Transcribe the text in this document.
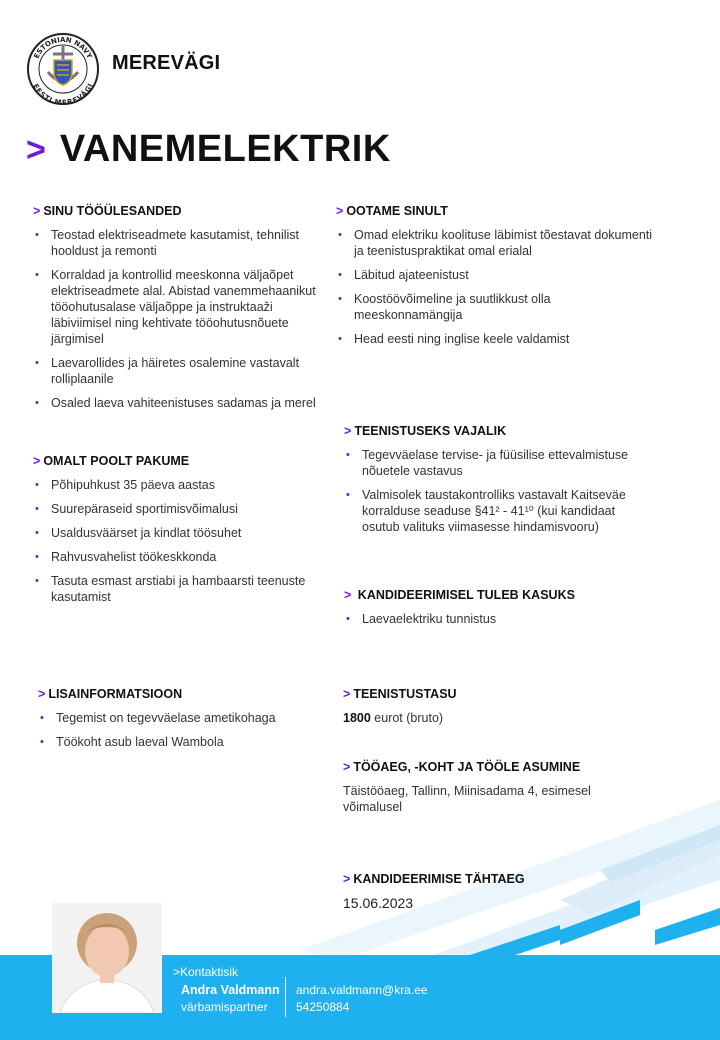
ESTONIAN NAVY
EESTI MEREVÄGI
MEREVÄGI
> VANEMELEKTRIK
> SINU TÖÖÜLESANDED
• Teostad elektriseadmete kasutamist, tehnilist hooldust ja remonti
• Korraldad ja kontrollid meeskonna väljaõpet elektriseadmete alal. Abistad vanemmehaanikut tööohutusalase väljaõppe ja instruktaaži läbiviimisel ning kehtivate tööohutusnõuete järgimisel
• Laevarollides ja häiretes osalemine vastavalt rolliplaanile
• Osaled laeva vahiteenistuses sadamas ja merel
> OOTAME SINULT
• Omad elektriku koolituse läbimist tõestavat dokumenti ja teenistuspraktikat omal erialal
• Läbitud ajateenistust
• Koostöövõimeline ja suutlikkust olla meeskonnamängija
• Head eesti ning inglise keele valdamist
> OMALT POOLT PAKUME
• Põhipuhkust 35 päeva aastas
• Suurepäraseid sportimisvõimalusi
• Usaldusväärset ja kindlat töösuhet
• Rahvusvahelist töökeskkonda
• Tasuta esmast arstiabi ja hambaarsti teenuste kasutamist
> TEENISTUSEKS VAJALIK
• Tegevväelase tervise- ja füüsilise ettevalmistuse nõuetele vastavus
• Valmisolek taustakontrolliks vastavalt Kaitseväe korralduse seaduse §41² - 41¹⁰ (kui kandidaat osutub valituks viimasesse hindamisvooru)
> KANDIDEERIMISEL TULEB KASUKS
• Laevaelektriku tunnistus
> LISAINFORMATSIOON
• Tegemist on tegevväelase ametikohaga
• Töökoht asub laeval Wambola
> TEENISTUSTASU
1800 eurot (bruto)
> TÖÖAEG, -KOHT JA TÖÖLE ASUMINE
Täistööaeg, Tallinn, Miinisadama 4, esimesel võimalusel
> KANDIDEERIMISE TÄHTAEG
15.06.2023
>Kontaktisik
Andra Valdmann
värbamispartner
andra.valdmann@kra.ee
54250884
